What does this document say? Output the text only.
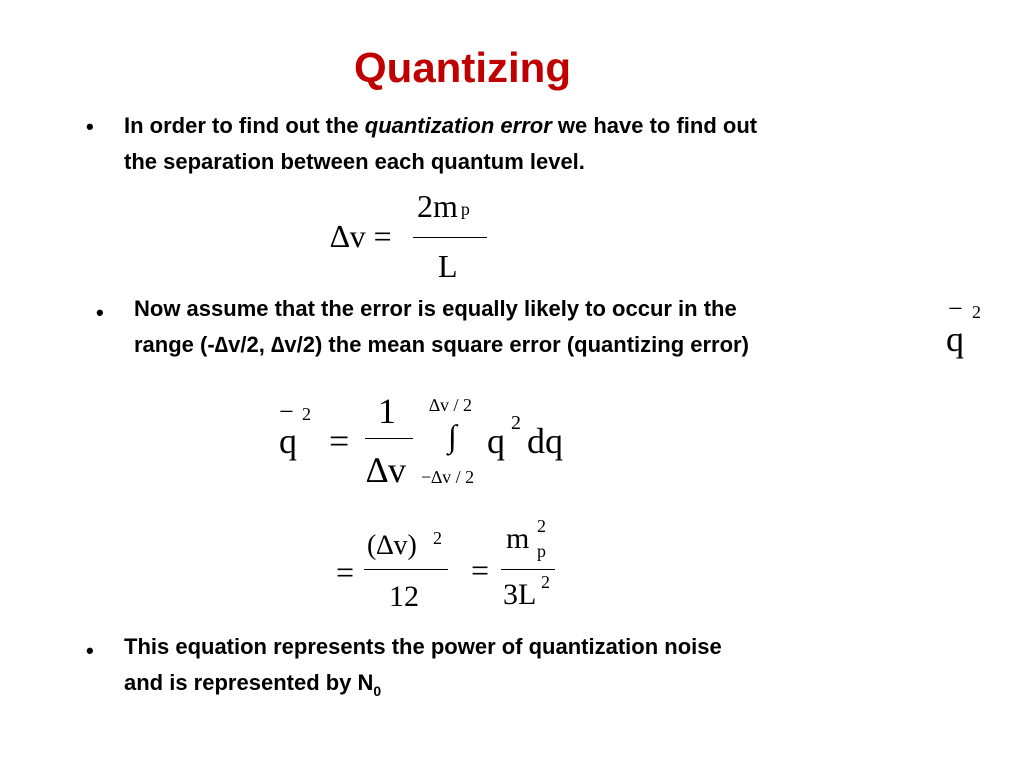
Quantizing
• In order to find out the quantization error we have to find out
the separation between each quantum level.
∆v =
2m p
L
• Now assume that the error is equally likely to occur in the
range (-∆v/2, ∆v/2) the mean square error (quantizing error)
− 2
q
− 2
q =
1
∆v
∆v / 2
∫
−∆v / 2
q 2 dq
=
(∆v) 2
12
=
m 2
p
3L 2
• This equation represents the power of quantization noise
and is represented by $N_0$
